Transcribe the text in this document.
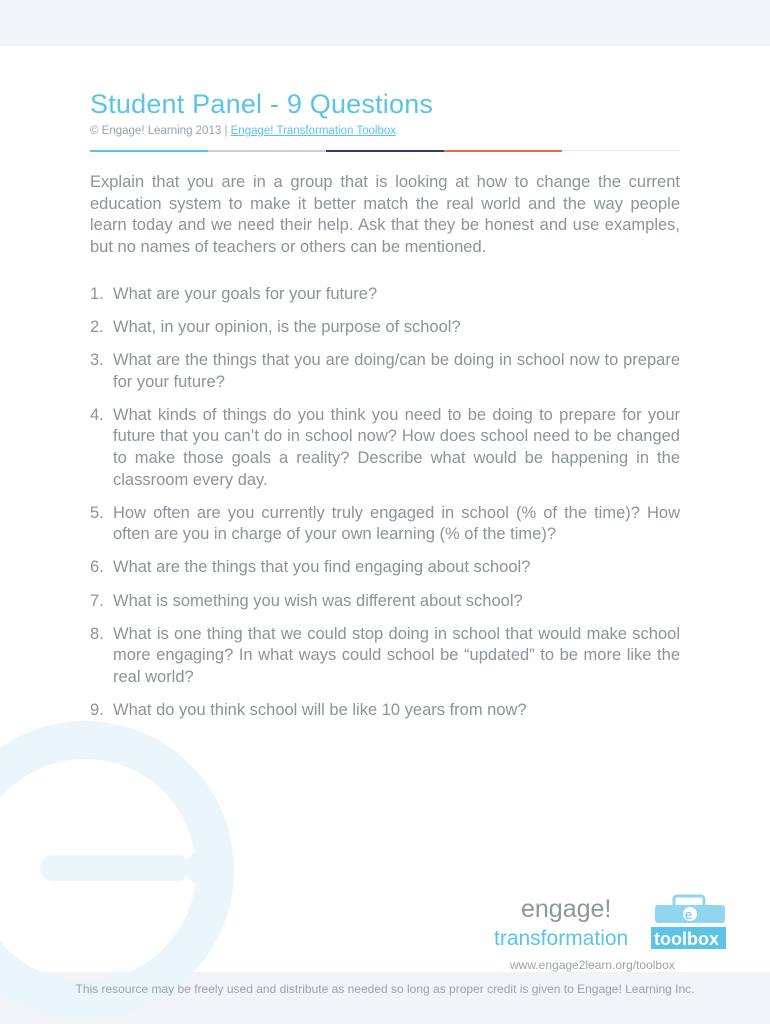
Student Panel - 9 Questions
© Engage! Learning 2013 | Engage! Transformation Toolbox

Explain that you are in a group that is looking at how to change the current education system to make it better match the real world and the way people learn today and we need their help. Ask that they be honest and use examples, but no names of teachers or others can be mentioned.

1. What are your goals for your future?
2. What, in your opinion, is the purpose of school?
3. What are the things that you are doing/can be doing in school now to prepare for your future?
4. What kinds of things do you think you need to be doing to prepare for your future that you can’t do in school now? How does school need to be changed to make those goals a reality? Describe what would be happening in the classroom every day.
5. How often are you currently truly engaged in school (% of the time)? How often are you in charge of your own learning (% of the time)?
6. What are the things that you find engaging about school?
7. What is something you wish was different about school?
8. What is one thing that we could stop doing in school that would make school more engaging? In what ways could school be “updated” to be more like the real world?
9. What do you think school will be like 10 years from now?
engage!
transformation
e
toolbox
www.engage2learn.org/toolbox
This resource may be freely used and distribute as needed so long as proper credit is given to Engage! Learning Inc.
